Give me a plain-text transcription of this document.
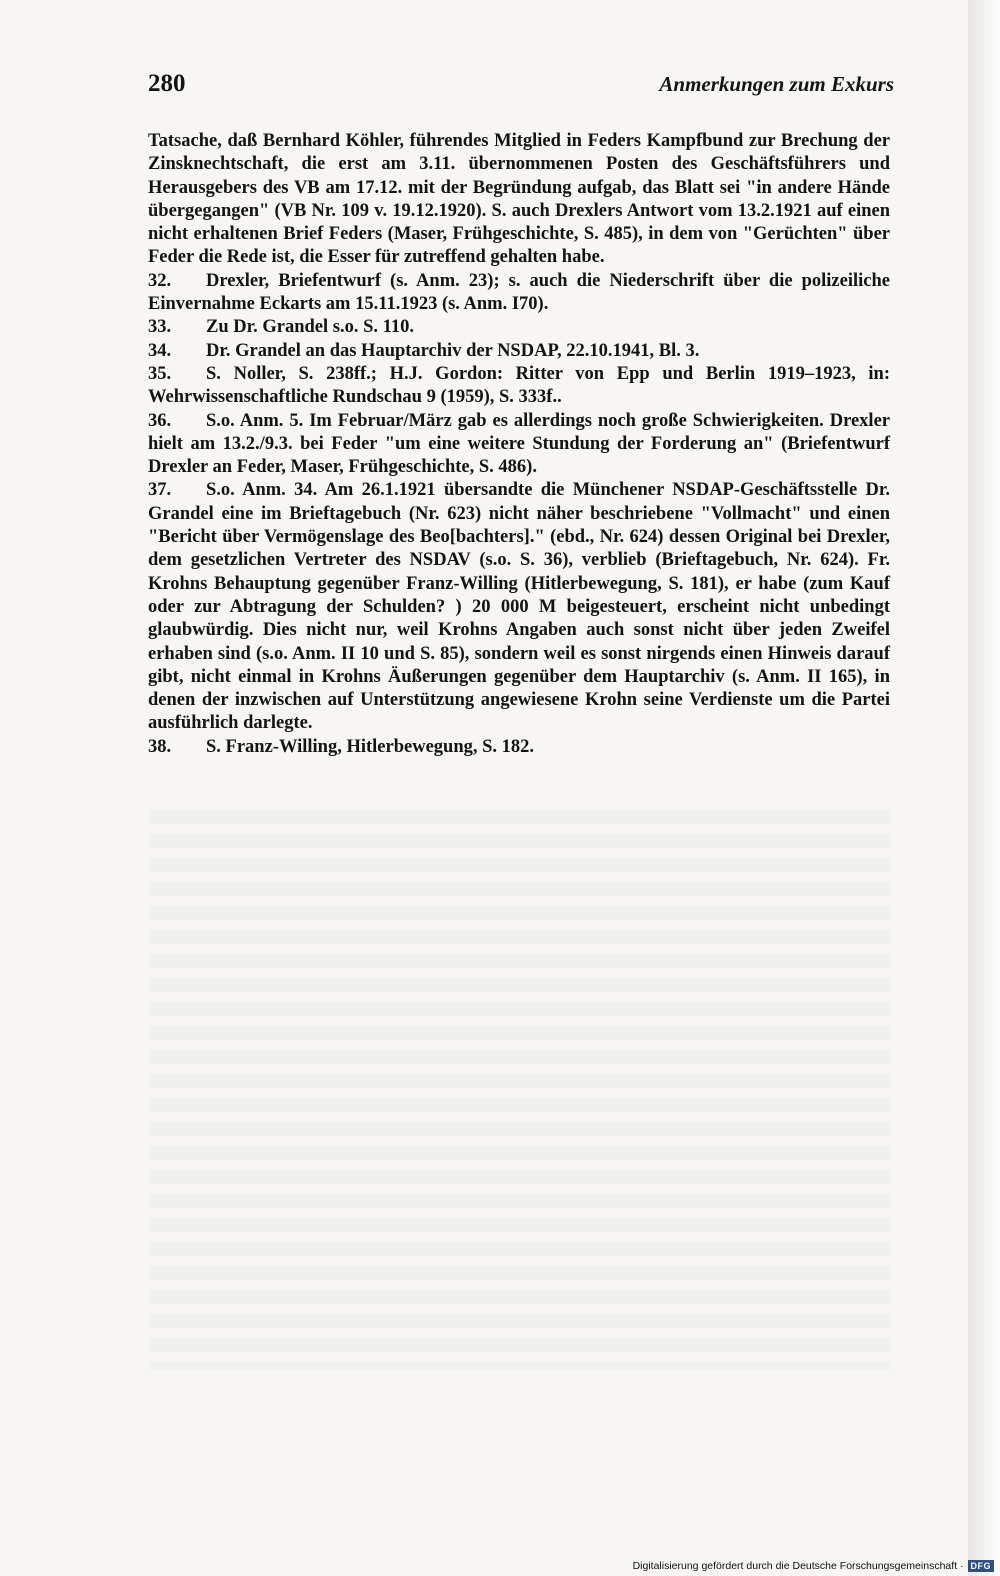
280	Anmerkungen zum Exkurs

Tatsache, daß Bernhard Köhler, führendes Mitglied in Feders Kampfbund zur Brechung der Zinsknechtschaft, die erst am 3.11. übernommenen Posten des Geschäftsführers und Herausgebers des VB am 17.12. mit der Begründung aufgab, das Blatt sei "in andere Hände übergegangen" (VB Nr. 109 v. 19.12.1920). S. auch Drexlers Antwort vom 13.2.1921 auf einen nicht erhaltenen Brief Feders (Maser, Frühgeschichte, S. 485), in dem von "Gerüchten" über Feder die Rede ist, die Esser für zutreffend gehalten habe.

32. Drexler, Briefentwurf (s. Anm. 23); s. auch die Niederschrift über die polizeiliche Einvernahme Eckarts am 15.11.1923 (s. Anm. I70).

33. Zu Dr. Grandel s.o. S. 110.

34. Dr. Grandel an das Hauptarchiv der NSDAP, 22.10.1941, Bl. 3.

35. S. Noller, S. 238ff.; H.J. Gordon: Ritter von Epp und Berlin 1919–1923, in: Wehrwissenschaftliche Rundschau 9 (1959), S. 333f..

36. S.o. Anm. 5. Im Februar/März gab es allerdings noch große Schwierigkeiten. Drexler hielt am 13.2./9.3. bei Feder "um eine weitere Stundung der Forderung an" (Briefentwurf Drexler an Feder, Maser, Frühgeschichte, S. 486).

37. S.o. Anm. 34. Am 26.1.1921 übersandte die Münchener NSDAP-Geschäftsstelle Dr. Grandel eine im Brieftagebuch (Nr. 623) nicht näher beschriebene "Vollmacht" und einen "Bericht über Vermögenslage des Beo[bachters]." (ebd., Nr. 624) dessen Original bei Drexler, dem gesetzlichen Vertreter des NSDAV (s.o. S. 36), verblieb (Brieftagebuch, Nr. 624). Fr. Krohns Behauptung gegenüber Franz-Willing (Hitlerbewegung, S. 181), er habe (zum Kauf oder zur Abtragung der Schulden? ) 20 000 M beigesteuert, erscheint nicht unbedingt glaubwürdig. Dies nicht nur, weil Krohns Angaben auch sonst nicht über jeden Zweifel erhaben sind (s.o. Anm. II 10 und S. 85), sondern weil es sonst nirgends einen Hinweis darauf gibt, nicht einmal in Krohns Äußerungen gegenüber dem Hauptarchiv (s. Anm. II 165), in denen der inzwischen auf Unterstützung angewiesene Krohn seine Verdienste um die Partei ausführlich darlegte.

38. S. Franz-Willing, Hitlerbewegung, S. 182.

Digitalisierung gefördert durch die Deutsche Forschungsgemeinschaft · DFG
